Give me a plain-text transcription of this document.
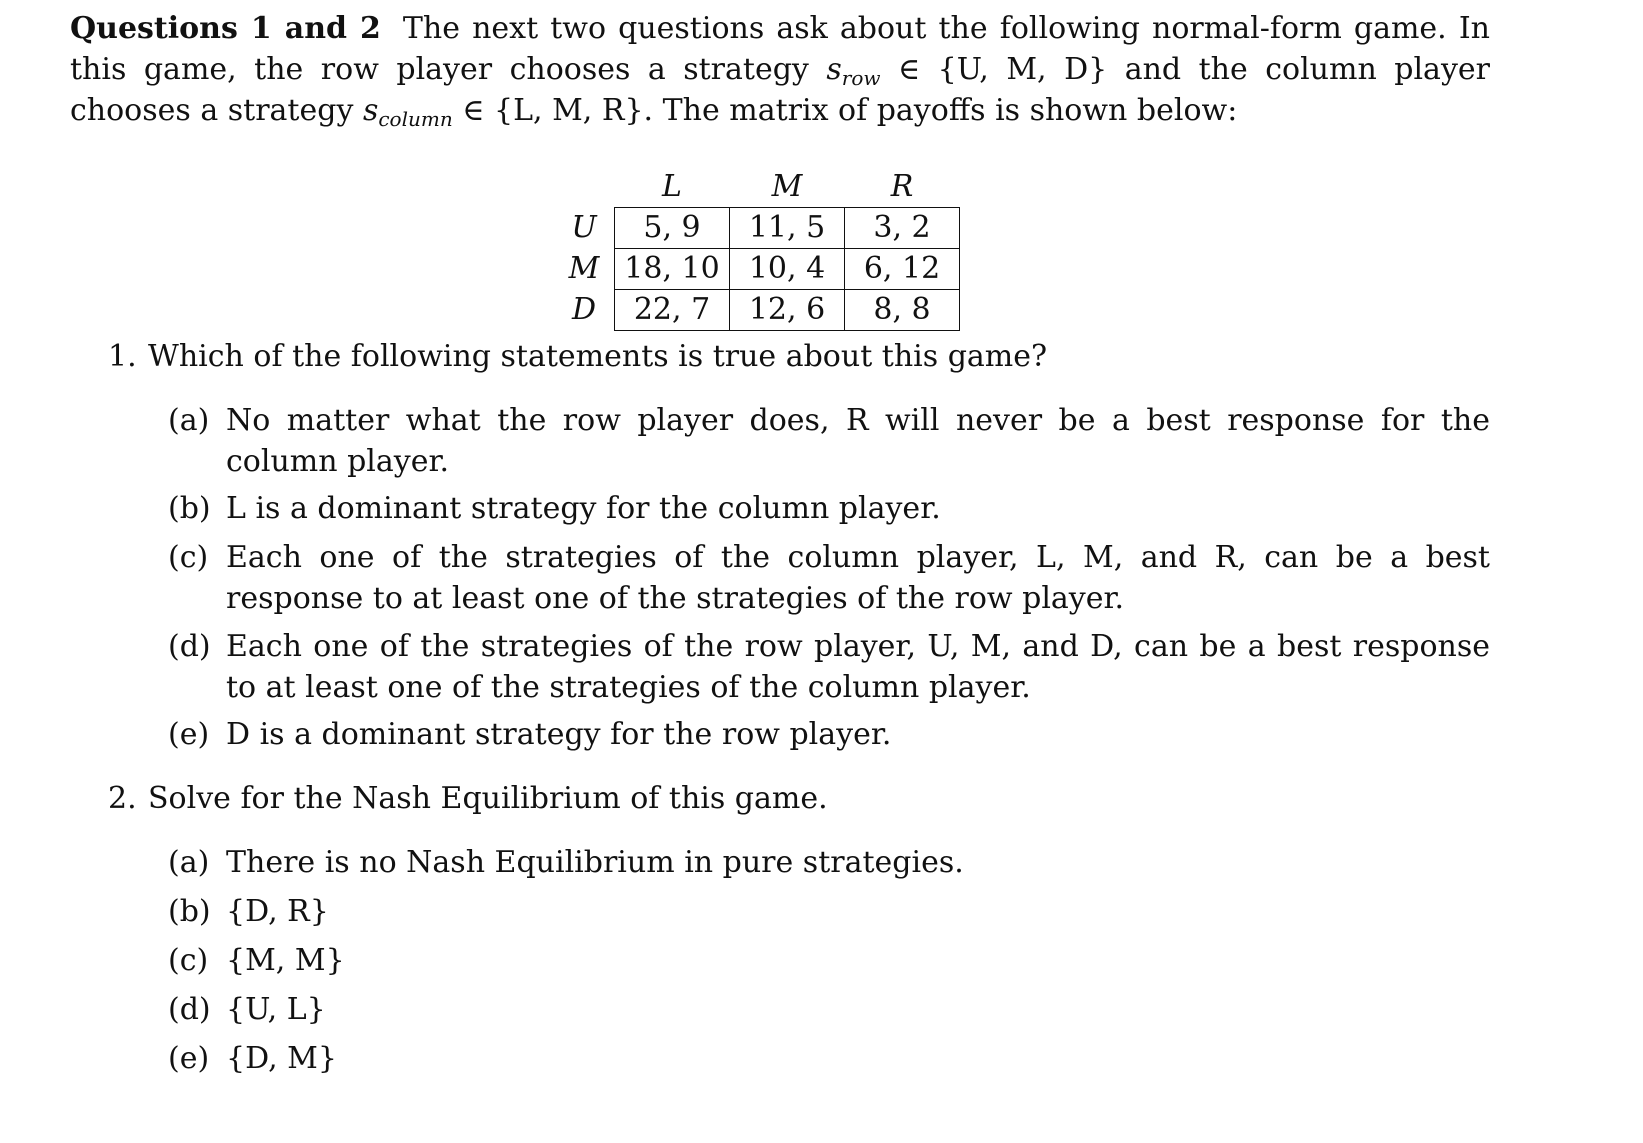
Questions 1 and 2 The next two questions ask about the following normal-form game. In this game, the row player chooses a strategy $s_{row}$ ∈ {U, M, D} and the column player chooses a strategy $s_{column}$ ∈ {L, M, R}. The matrix of payoffs is shown below:
	L	M	R
U	5, 9	11, 5	3, 2
M	18, 10	10, 4	6, 12
D	22, 7	12, 6	8, 8
1. Which of the following statements is true about this game?
(a) No matter what the row player does, R will never be a best response for the column player.
(b) L is a dominant strategy for the column player.
(c) Each one of the strategies of the column player, L, M, and R, can be a best response to at least one of the strategies of the row player.
(d) Each one of the strategies of the row player, U, M, and D, can be a best response to at least one of the strategies of the column player.
(e) D is a dominant strategy for the row player.
2. Solve for the Nash Equilibrium of this game.
(a) There is no Nash Equilibrium in pure strategies.
(b) {D, R}
(c) {M, M}
(d) {U, L}
(e) {D, M}
